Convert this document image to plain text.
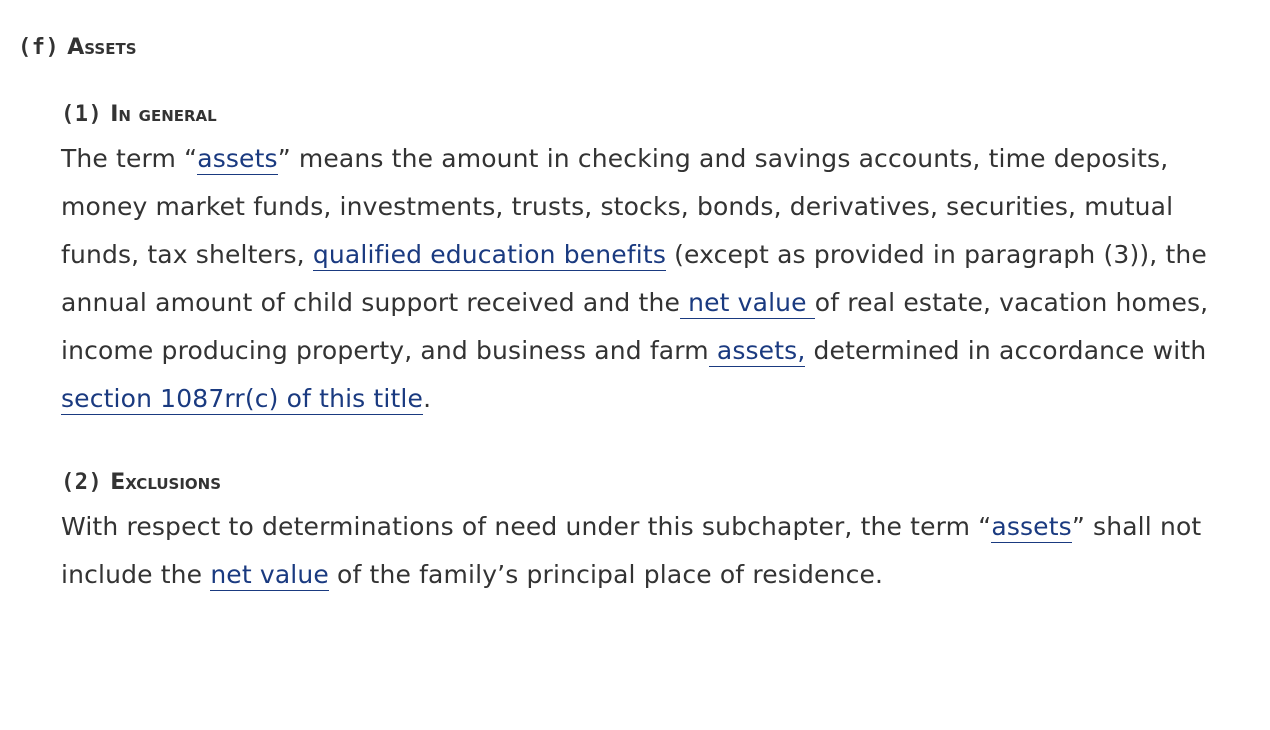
(f) Assets
(1) In general

The term “assets” means the amount in checking and savings accounts, time deposits, money market funds, investments, trusts, stocks, bonds, derivatives, securities, mutual funds, tax shelters, qualified education benefits (except as provided in paragraph (3)), the annual amount of child support received and the net value of real estate, vacation homes, income producing property, and business and farm assets, determined in accordance with section 1087rr(c) of this title.

(2) Exclusions

With respect to determinations of need under this subchapter, the term “assets” shall not include the net value of the family’s principal place of residence.
